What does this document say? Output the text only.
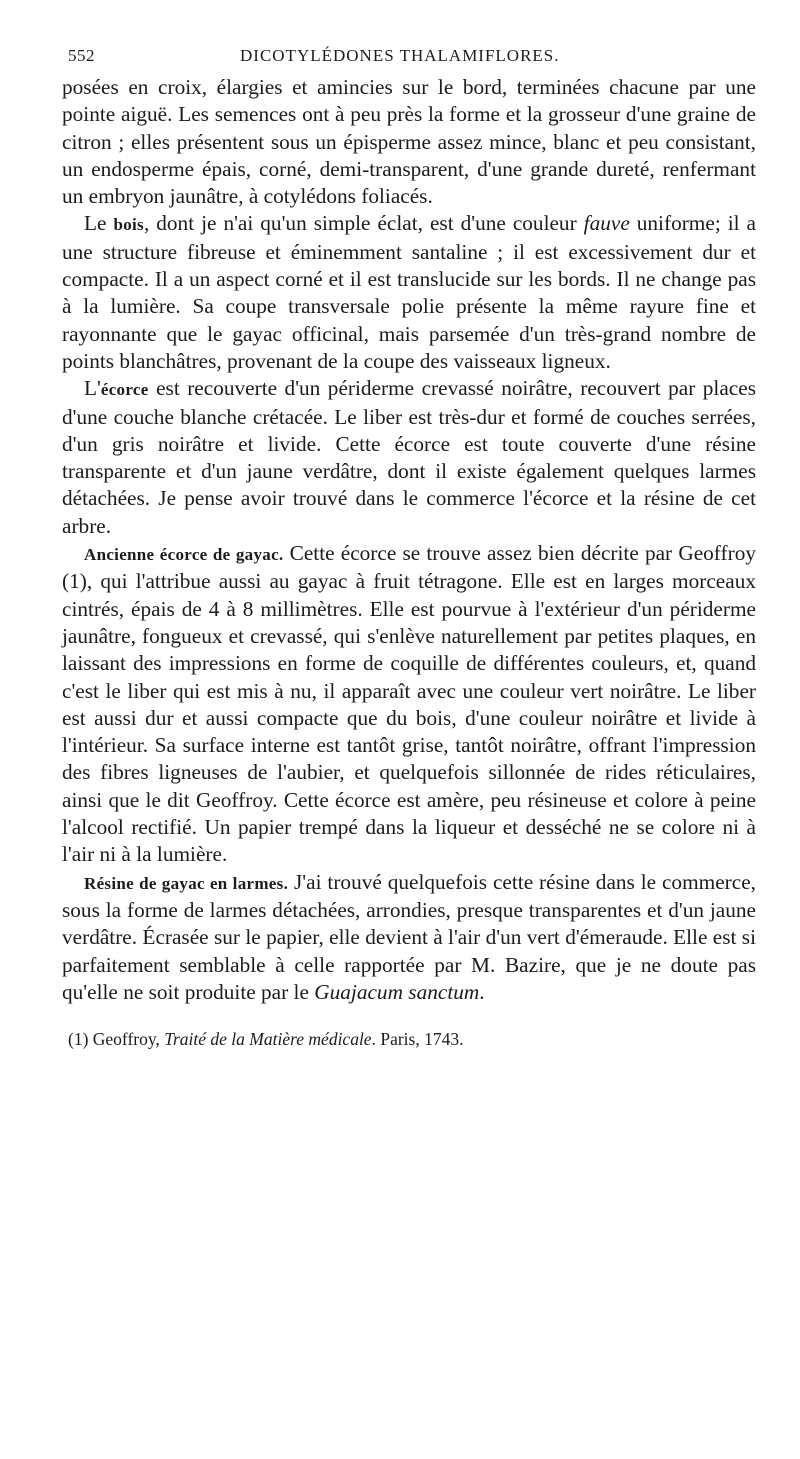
552	DICOTYLÉDONES THALAMIFLORES.

posées en croix, élargies et amincies sur le bord, terminées chacune par une pointe aiguë. Les semences ont à peu près la forme et la grosseur d'une graine de citron ; elles présentent sous un épisperme assez mince, blanc et peu consistant, un endosperme épais, corné, demi-transparent, d'une grande dureté, renfermant un embryon jaunâtre, à cotylédons foliacés.

Le bois, dont je n'ai qu'un simple éclat, est d'une couleur fauve uniforme; il a une structure fibreuse et éminemment santaline ; il est excessivement dur et compacte. Il a un aspect corné et il est translucide sur les bords. Il ne change pas à la lumière. Sa coupe transversale polie présente la même rayure fine et rayonnante que le gayac officinal, mais parsemée d'un très-grand nombre de points blanchâtres, provenant de la coupe des vaisseaux ligneux.

L'écorce est recouverte d'un périderme crevassé noirâtre, recouvert par places d'une couche blanche crétacée. Le liber est très-dur et formé de couches serrées, d'un gris noirâtre et livide. Cette écorce est toute couverte d'une résine transparente et d'un jaune verdâtre, dont il existe également quelques larmes détachées. Je pense avoir trouvé dans le commerce l'écorce et la résine de cet arbre.

Ancienne écorce de gayac. Cette écorce se trouve assez bien décrite par Geoffroy (1), qui l'attribue aussi au gayac à fruit tétragone. Elle est en larges morceaux cintrés, épais de 4 à 8 millimètres. Elle est pourvue à l'extérieur d'un périderme jaunâtre, fongueux et crevassé, qui s'enlève naturellement par petites plaques, en laissant des impressions en forme de coquille de différentes couleurs, et, quand c'est le liber qui est mis à nu, il apparaît avec une couleur vert noirâtre. Le liber est aussi dur et aussi compacte que du bois, d'une couleur noirâtre et livide à l'intérieur. Sa surface interne est tantôt grise, tantôt noirâtre, offrant l'impression des fibres ligneuses de l'aubier, et quelquefois sillonnée de rides réticulaires, ainsi que le dit Geoffroy. Cette écorce est amère, peu résineuse et colore à peine l'alcool rectifié. Un papier trempé dans la liqueur et desséché ne se colore ni à l'air ni à la lumière.

Résine de gayac en larmes. J'ai trouvé quelquefois cette résine dans le commerce, sous la forme de larmes détachées, arrondies, presque transparentes et d'un jaune verdâtre. Écrasée sur le papier, elle devient à l'air d'un vert d'émeraude. Elle est si parfaitement semblable à celle rapportée par M. Bazire, que je ne doute pas qu'elle ne soit produite par le Guajacum sanctum.

(1) Geoffroy, Traité de la Matière médicale. Paris, 1743.
